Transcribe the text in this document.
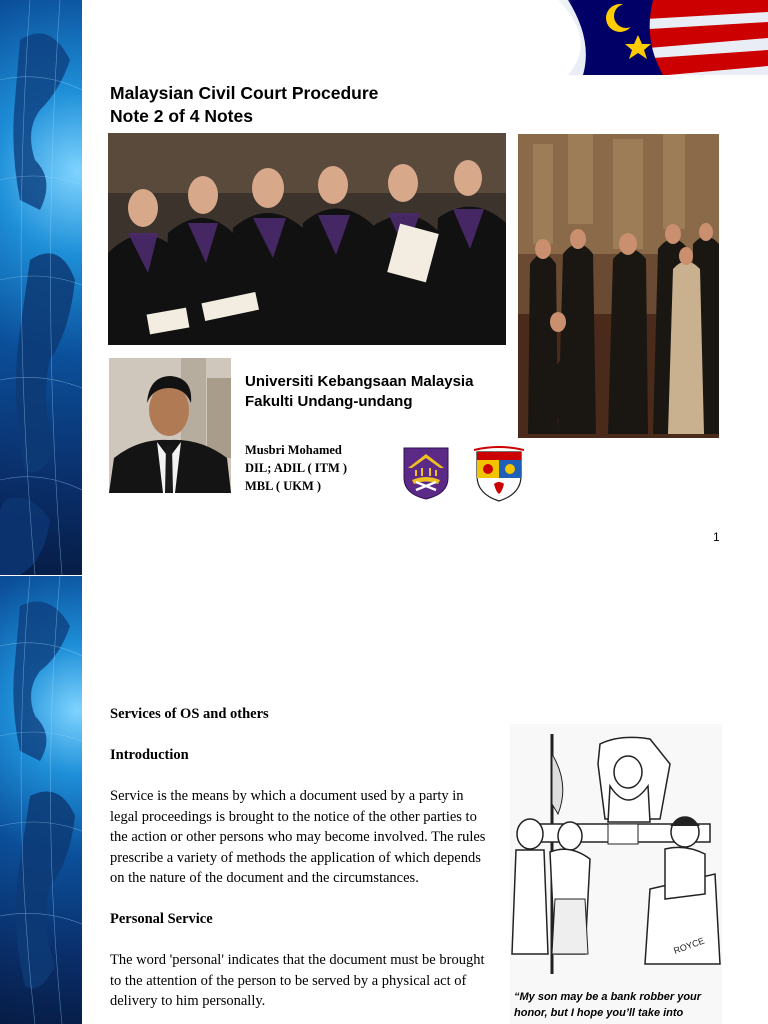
Malaysian Civil Court Procedure
Note 2 of 4 Notes
Universiti Kebangsaan Malaysia
Fakulti Undang-undang
Musbri Mohamed
DIL; ADIL ( ITM )
MBL ( UKM )
1
Services of OS and others
Introduction

Service is the means by which a document used by a party in legal proceedings is brought to the notice of the other parties to the action or other persons who may become involved. The rules prescribe a variety of methods the application of which depends on the nature of the document and the circumstances.

Personal Service

The word 'personal' indicates that the document must be brought to the attention of the person to be served by a physical act of delivery to him personally.

ROYCE
“My son may be a bank robber your honor, but I hope you’ll take into
